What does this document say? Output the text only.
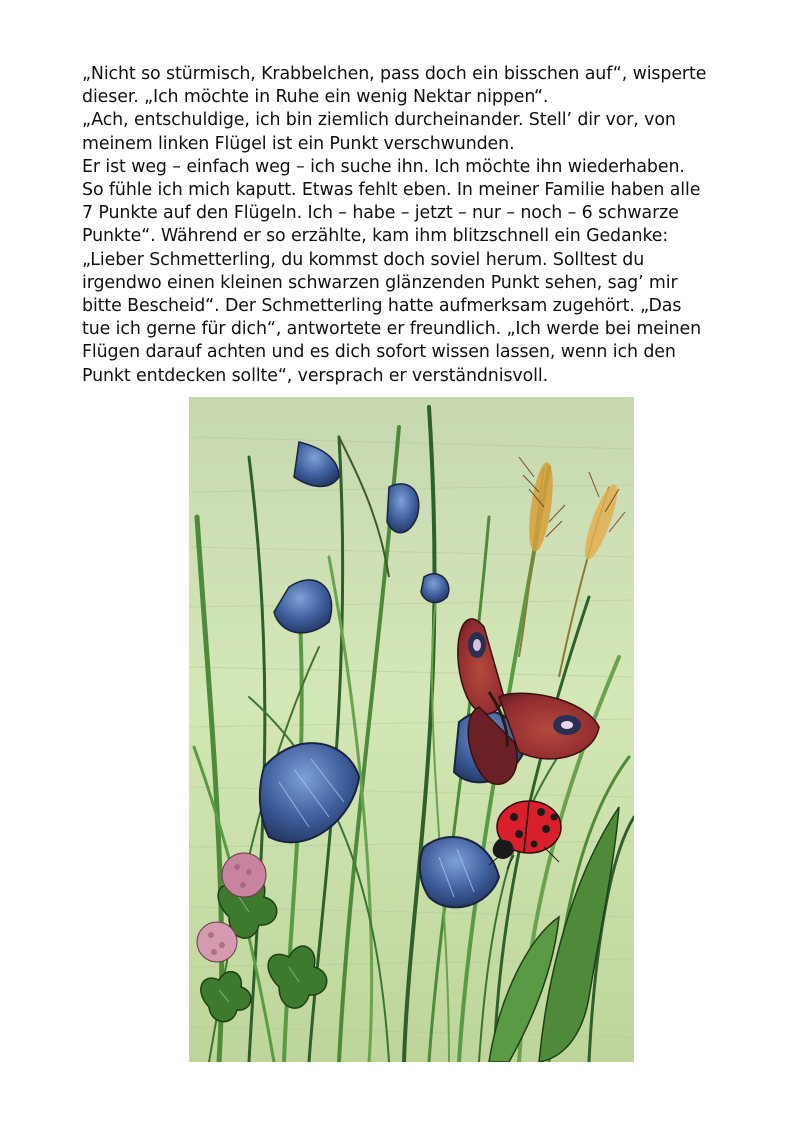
„Nicht so stürmisch, Krabbelchen, pass doch ein bisschen auf“, wisperte
dieser. „Ich möchte in Ruhe ein wenig Nektar nippen“.
„Ach, entschuldige, ich bin ziemlich durcheinander. Stell’ dir vor, von
meinem linken Flügel ist ein Punkt verschwunden.
Er ist weg – einfach weg – ich suche ihn. Ich möchte ihn wiederhaben.
So fühle ich mich kaputt. Etwas fehlt eben. In meiner Familie haben alle
7 Punkte auf den Flügeln. Ich – habe – jetzt – nur – noch – 6 schwarze
Punkte“. Während er so erzählte, kam ihm blitzschnell ein Gedanke:
„Lieber Schmetterling, du kommst doch soviel herum. Solltest du
irgendwo einen kleinen schwarzen glänzenden Punkt sehen, sag’ mir
bitte Bescheid“. Der Schmetterling hatte aufmerksam zugehört. „Das
tue ich gerne für dich“, antwortete er freundlich. „Ich werde bei meinen
Flügen darauf achten und es dich sofort wissen lassen, wenn ich den
Punkt entdecken sollte“, versprach er verständnisvoll.
